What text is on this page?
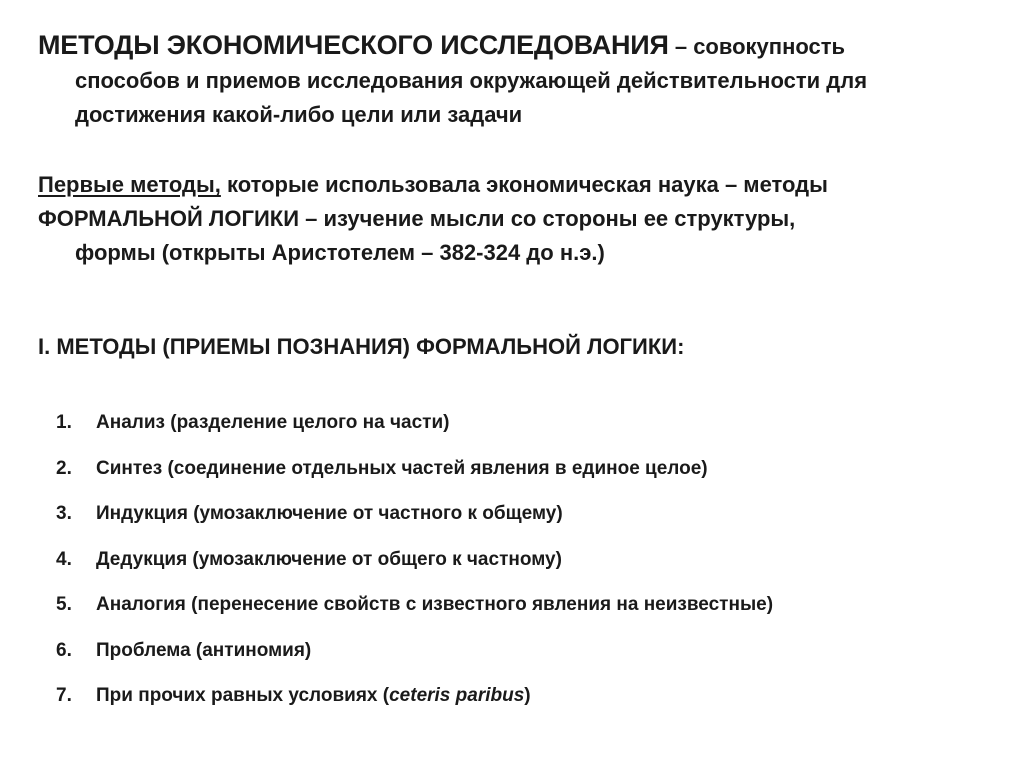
МЕТОДЫ ЭКОНОМИЧЕСКОГО ИССЛЕДОВАНИЯ – совокупность
способов и приемов исследования окружающей действительности для
достижения какой-либо цели или задачи
Первые методы, которые использовала экономическая наука – методы
ФОРМАЛЬНОЙ ЛОГИКИ – изучение мысли со стороны ее структуры,
формы (открыты Аристотелем – 382-324 до н.э.)
I. МЕТОДЫ (ПРИЕМЫ ПОЗНАНИЯ) ФОРМАЛЬНОЙ ЛОГИКИ:
1. Анализ (разделение целого на части)
2. Синтез (соединение отдельных частей явления в единое целое)
3. Индукция (умозаключение от частного к общему)
4. Дедукция (умозаключение от общего к частному)
5. Аналогия (перенесение свойств с известного явления на неизвестные)
6. Проблема (антиномия)
7. При прочих равных условиях (ceteris paribus)
